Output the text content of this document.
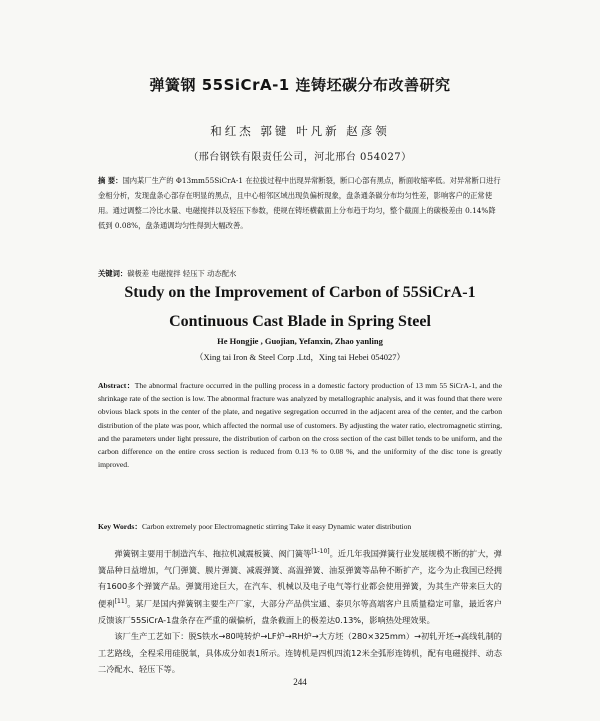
弹簧钢 55SiCrA-1 连铸坯碳分布改善研究
和红杰 郭键 叶凡新 赵彦领
（邢台钢铁有限责任公司，河北邢台 054027）
摘 要：国内某厂生产的 Φ13mm55SiCrA-1 在拉拔过程中出现异常断裂，断口心部有黑点，断面收缩率低。对异常断口进行金相分析，发现盘条心部存在明显的黑点，且中心相邻区域出现负偏析现象，盘条通条碳分布均匀性差，影响客户的正常使用。通过调整二冷比水量、电磁搅拌以及轻压下参数，使规在铸坯横截面上分布趋于均匀，整个截面上的碳极差由 0.14%降低到 0.08%，盘条通调均匀性得到大幅改善。
关键词：碳极差 电磁搅拌 轻压下 动态配水
Study on the Improvement of Carbon of 55SiCrA-1
Continuous Cast Blade in Spring Steel
He Hongjie , Guojian, Yefanxin, Zhao yanling
（Xing tai Iron & Steel Corp .Ltd，Xing tai Hebei 054027）
Abstract：The abnormal fracture occurred in the pulling process in a domestic factory production of 13 mm 55 SiCrA-1, and the shrinkage rate of the section is low. The abnormal fracture was analyzed by metallographic analysis, and it was found that there were obvious black spots in the center of the plate, and negative segregation occurred in the adjacent area of the center, and the carbon distribution of the plate was poor, which affected the normal use of customers. By adjusting the water ratio, electromagnetic stirring, and the parameters under light pressure, the distribution of carbon on the cross section of the cast billet tends to be uniform, and the carbon difference on the entire cross section is reduced from 0.13 % to 0.08 %, and the uniformity of the disc tone is greatly improved.
Key Words：Carbon extremely poor Electromagnetic stirring Take it easy Dynamic water distribution

弹簧钢主要用于制造汽车、拖拉机减震板簧、阀门簧等[1-10]。近几年我国弹簧行业发展规模不断的扩大，弹簧品种日益增加，气门弹簧、膜片弹簧、减震弹簧、高温弹簧、油泵弹簧等品种不断扩产，迄今为止我国已经拥有1600多个弹簧产品。弹簧用途巨大，在汽车、机械以及电子电气等行业都会使用弹簧，为其生产带来巨大的便利[11]。某厂是国内弹簧钢主要生产厂家，大部分产品供宝通、泰贝尔等高端客户且质量稳定可靠，最近客户反馈该厂55SiCrA-1盘条存在严重的碳偏析，盘条截面上的极差达0.13%，影响热处理效果。

该厂生产工艺如下：脱S铁水→80吨转炉→LF炉→RH炉→大方坯（280×325mm）→初轧开坯→高线轧制的工艺路线，全程采用硅脱氧，具体成分如表1所示。连铸机是四机四流12米全弧形连铸机，配有电磁搅拌、动态二冷配水、轻压下等。

244
